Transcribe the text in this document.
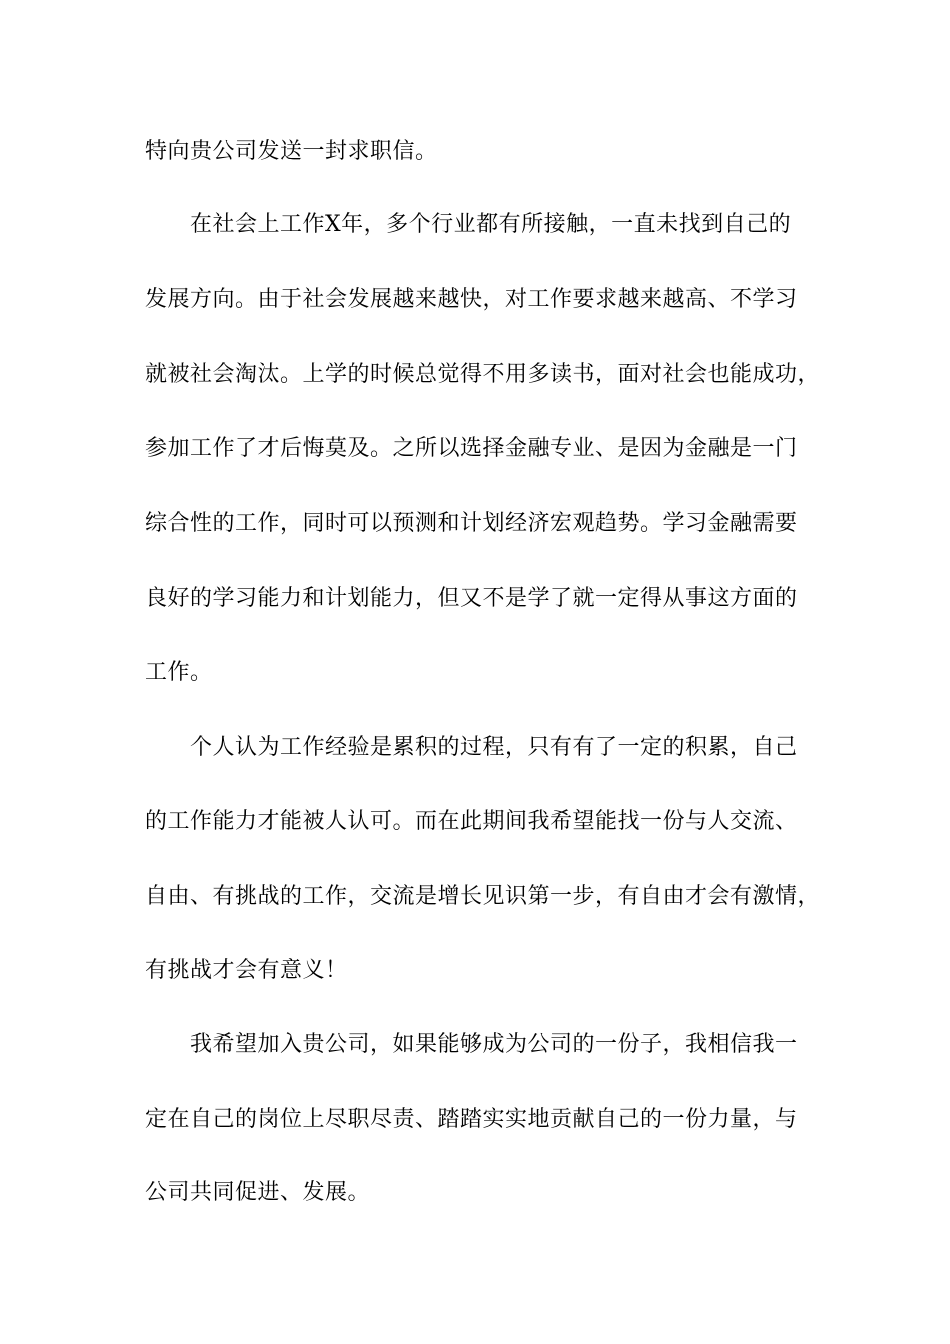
特向贵公司发送一封求职信。
在社会上工作X年，多个行业都有所接触，一直未找到自己的
发展方向。由于社会发展越来越快，对工作要求越来越高、不学习
就被社会淘汰。上学的时候总觉得不用多读书，面对社会也能成功，
参加工作了才后悔莫及。之所以选择金融专业、是因为金融是一门
综合性的工作，同时可以预测和计划经济宏观趋势。学习金融需要
良好的学习能力和计划能力，但又不是学了就一定得从事这方面的
工作。
个人认为工作经验是累积的过程，只有有了一定的积累，自己
的工作能力才能被人认可。而在此期间我希望能找一份与人交流、
自由、有挑战的工作，交流是增长见识第一步，有自由才会有激情，
有挑战才会有意义！
我希望加入贵公司，如果能够成为公司的一份子，我相信我一
定在自己的岗位上尽职尽责、踏踏实实地贡献自己的一份力量，与
公司共同促进、发展。
